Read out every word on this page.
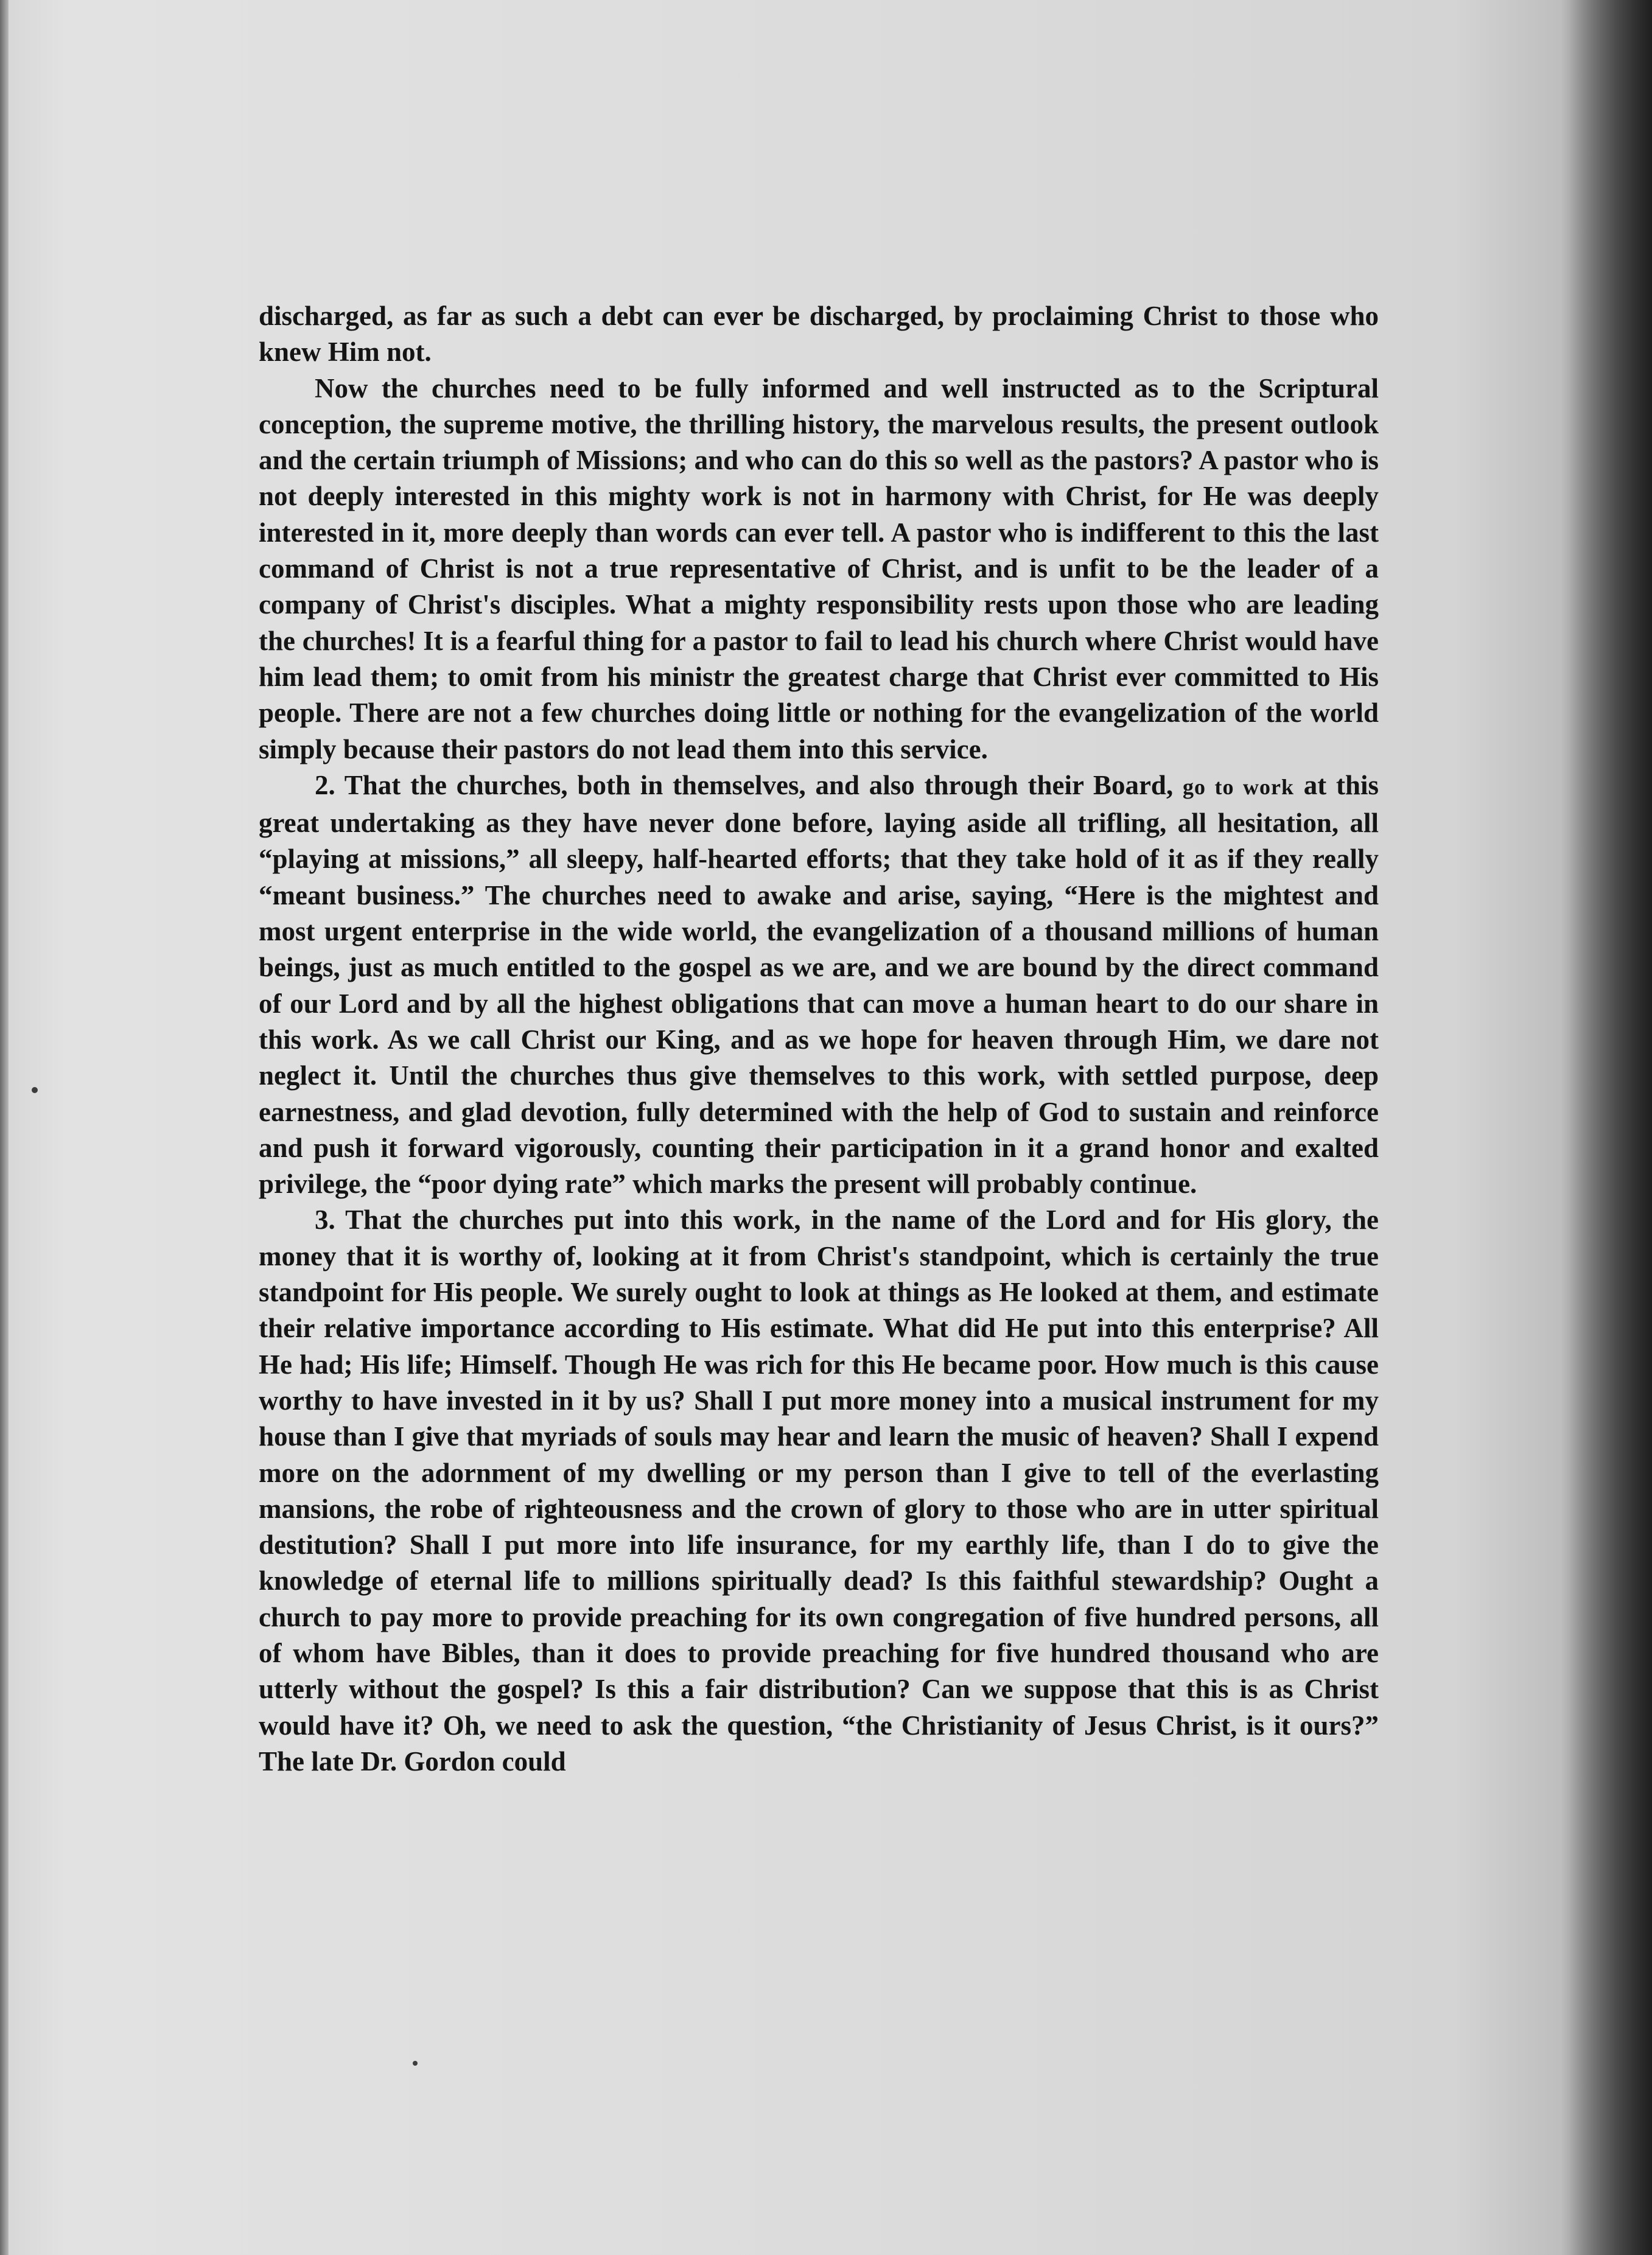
discharged, as far as such a debt can ever be discharged, by proclaiming Christ to those who knew Him not.

Now the churches need to be fully informed and well instructed as to the Scriptural conception, the supreme motive, the thrilling history, the marvelous results, the present outlook and the certain triumph of Missions; and who can do this so well as the pastors? A pastor who is not deeply interested in this mighty work is not in harmony with Christ, for He was deeply interested in it, more deeply than words can ever tell. A pastor who is indifferent to this the last command of Christ is not a true representative of Christ, and is unfit to be the leader of a company of Christ's disciples. What a mighty responsibility rests upon those who are leading the churches! It is a fearful thing for a pastor to fail to lead his church where Christ would have him lead them; to omit from his ministr the greatest charge that Christ ever committed to His people. There are not a few churches doing little or nothing for the evangelization of the world simply because their pastors do not lead them into this service.

2. That the churches, both in themselves, and also through their Board, go to work at this great undertaking as they have never done before, laying aside all trifling, all hesitation, all “playing at missions,” all sleepy, half-hearted efforts; that they take hold of it as if they really “meant business.” The churches need to awake and arise, saying, “Here is the mightest and most urgent enterprise in the wide world, the evangelization of a thousand millions of human beings, just as much entitled to the gospel as we are, and we are bound by the direct command of our Lord and by all the highest obligations that can move a human heart to do our share in this work. As we call Christ our King, and as we hope for heaven through Him, we dare not neglect it. Until the churches thus give themselves to this work, with settled purpose, deep earnestness, and glad devotion, fully determined with the help of God to sustain and reinforce and push it forward vigorously, counting their participation in it a grand honor and exalted privilege, the “poor dying rate” which marks the present will probably continue.

3. That the churches put into this work, in the name of the Lord and for His glory, the money that it is worthy of, looking at it from Christ's standpoint, which is certainly the true standpoint for His people. We surely ought to look at things as He looked at them, and estimate their relative importance according to His estimate. What did He put into this enterprise? All He had; His life; Himself. Though He was rich for this He became poor. How much is this cause worthy to have invested in it by us? Shall I put more money into a musical instrument for my house than I give that myriads of souls may hear and learn the music of heaven? Shall I expend more on the adornment of my dwelling or my person than I give to tell of the everlasting mansions, the robe of righteousness and the crown of glory to those who are in utter spiritual destitution? Shall I put more into life insurance, for my earthly life, than I do to give the knowledge of eternal life to millions spiritually dead? Is this faithful stewardship? Ought a church to pay more to provide preaching for its own congregation of five hundred persons, all of whom have Bibles, than it does to provide preaching for five hundred thousand who are utterly without the gospel? Is this a fair distribution? Can we suppose that this is as Christ would have it? Oh, we need to ask the question, “the Christianity of Jesus Christ, is it ours?” The late Dr. Gordon could
